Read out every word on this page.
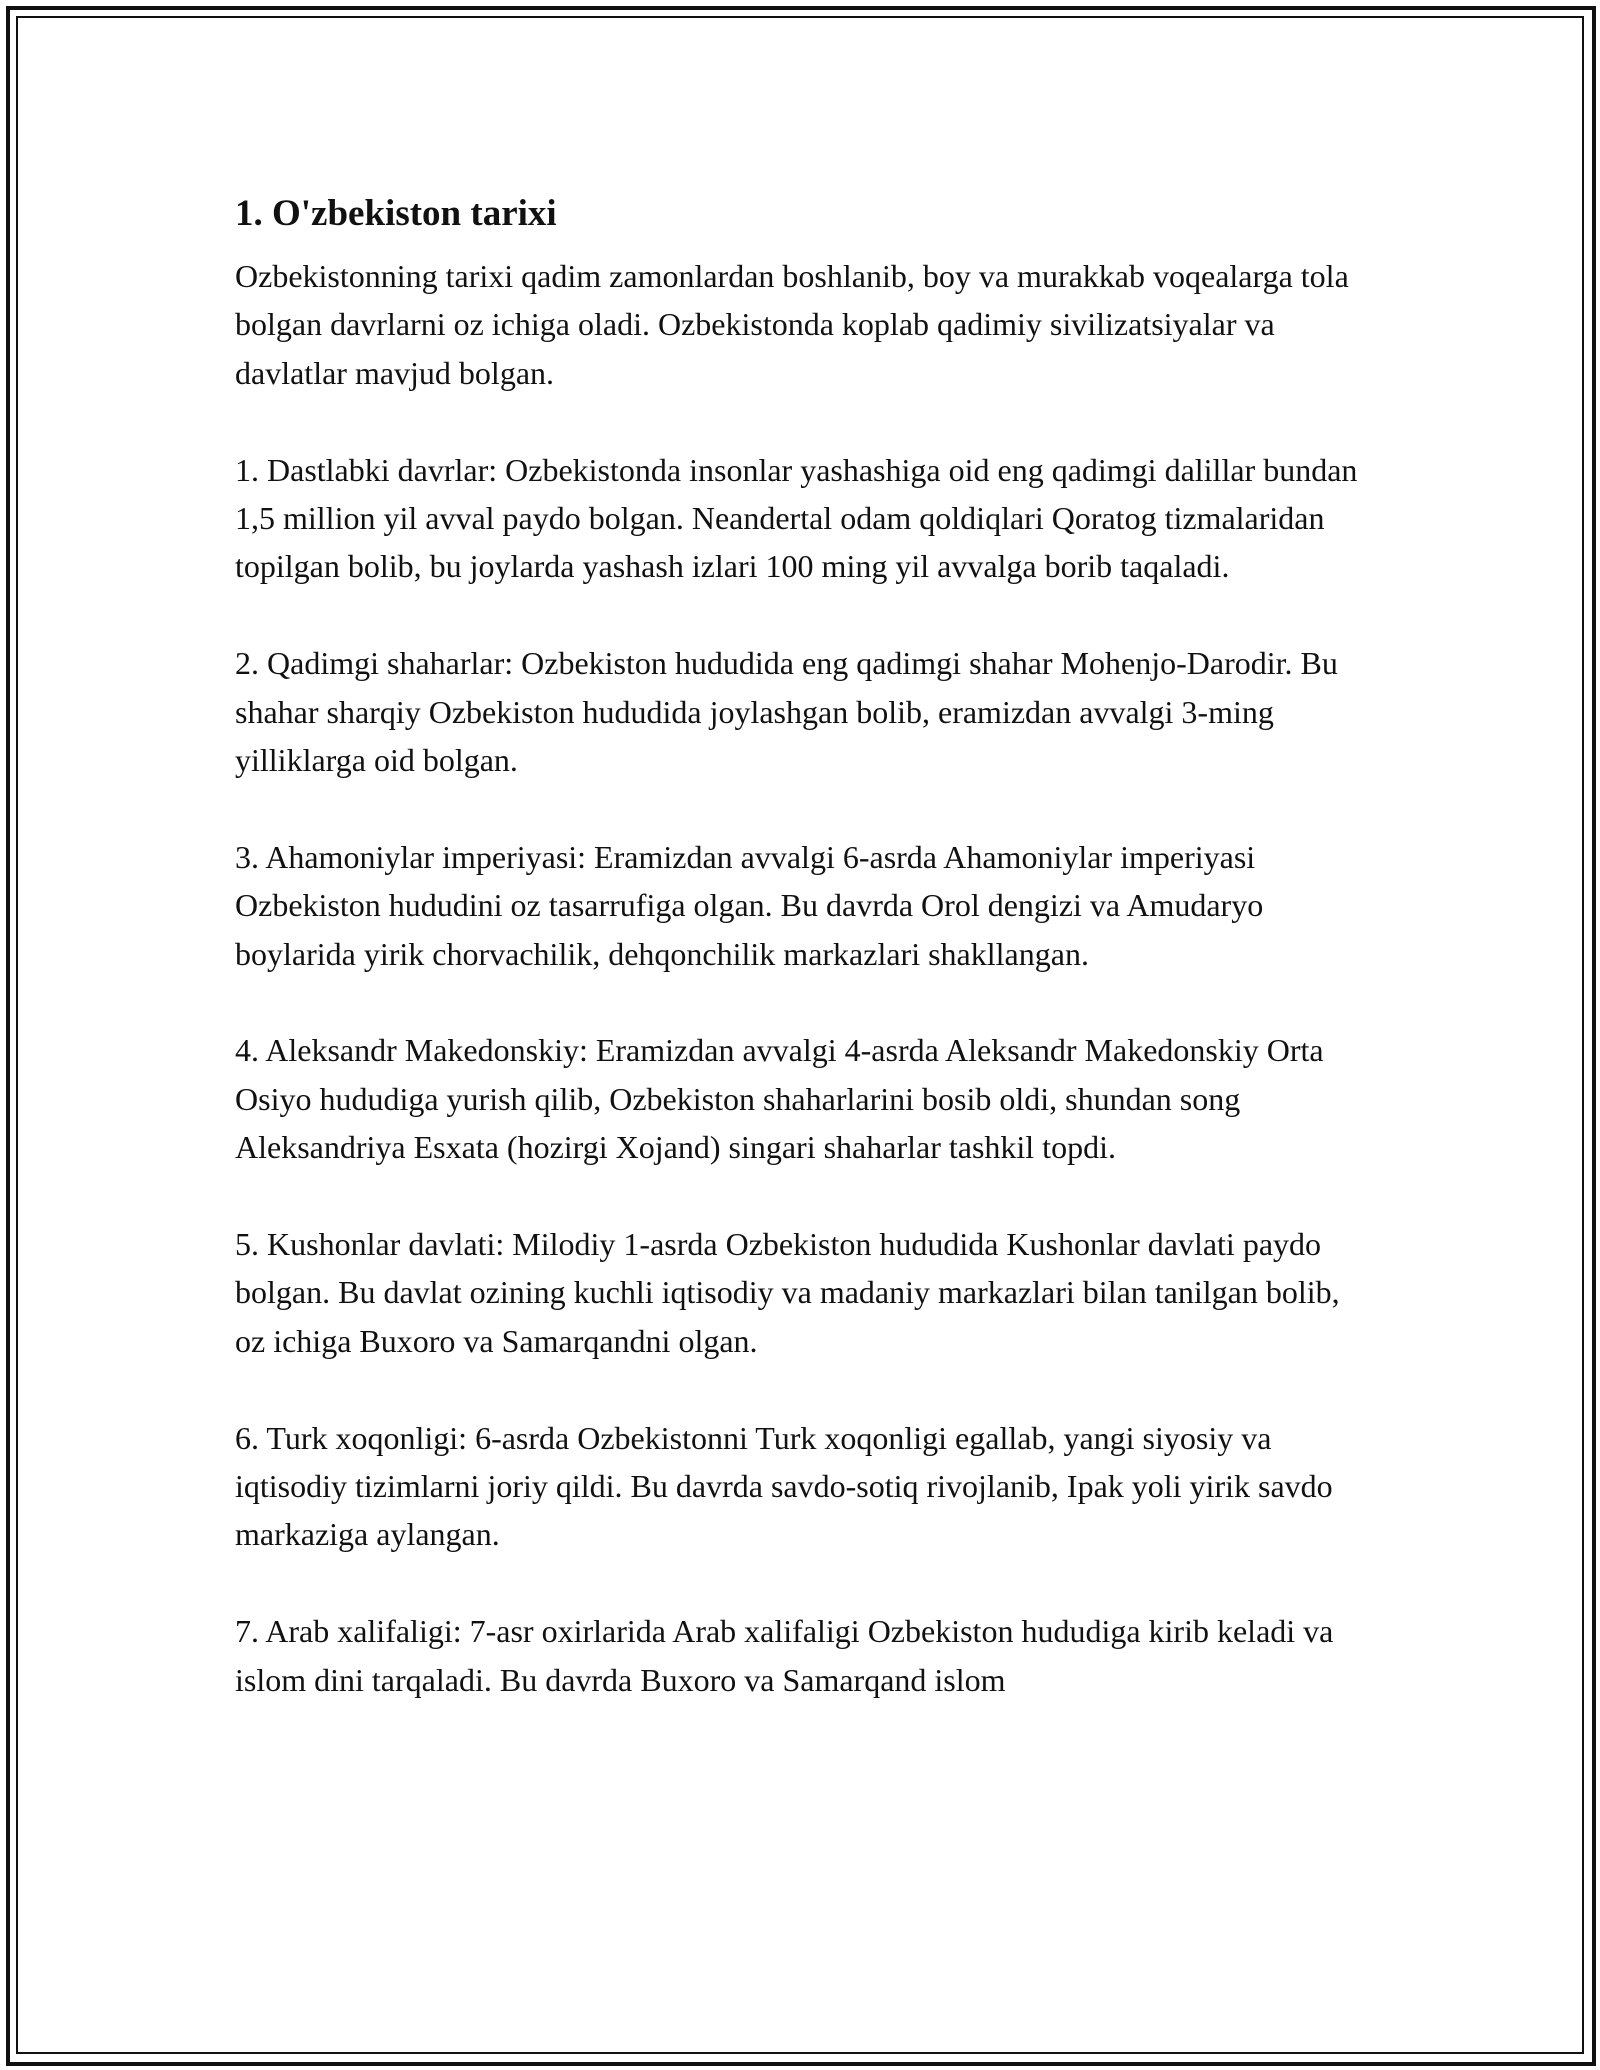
1. O'zbekiston tarixi

Ozbekistonning tarixi qadim zamonlardan boshlanib, boy va murakkab voqealarga tola bolgan davrlarni oz ichiga oladi. Ozbekistonda koplab qadimiy sivilizatsiyalar va davlatlar mavjud bolgan.

1. Dastlabki davrlar: Ozbekistonda insonlar yashashiga oid eng qadimgi dalillar bundan 1,5 million yil avval paydo bolgan. Neandertal odam qoldiqlari Qoratog tizmalaridan topilgan bolib, bu joylarda yashash izlari 100 ming yil avvalga borib taqaladi.

2. Qadimgi shaharlar: Ozbekiston hududida eng qadimgi shahar Mohenjo-Darodir. Bu shahar sharqiy Ozbekiston hududida joylashgan bolib, eramizdan avvalgi 3-ming yilliklarga oid bolgan.

3. Ahamoniylar imperiyasi: Eramizdan avvalgi 6-asrda Ahamoniylar imperiyasi Ozbekiston hududini oz tasarrufiga olgan. Bu davrda Orol dengizi va Amudaryo boylarida yirik chorvachilik, dehqonchilik markazlari shakllangan.

4. Aleksandr Makedonskiy: Eramizdan avvalgi 4-asrda Aleksandr Makedonskiy Orta Osiyo hududiga yurish qilib, Ozbekiston shaharlarini bosib oldi, shundan song Aleksandriya Esxata (hozirgi Xojand) singari shaharlar tashkil topdi.

5. Kushonlar davlati: Milodiy 1-asrda Ozbekiston hududida Kushonlar davlati paydo bolgan. Bu davlat ozining kuchli iqtisodiy va madaniy markazlari bilan tanilgan bolib, oz ichiga Buxoro va Samarqandni olgan.

6. Turk xoqonligi: 6-asrda Ozbekistonni Turk xoqonligi egallab, yangi siyosiy va iqtisodiy tizimlarni joriy qildi. Bu davrda savdo-sotiq rivojlanib, Ipak yoli yirik savdo markaziga aylangan.

7. Arab xalifaligi: 7-asr oxirlarida Arab xalifaligi Ozbekiston hududiga kirib keladi va islom dini tarqaladi. Bu davrda Buxoro va Samarqand islom
